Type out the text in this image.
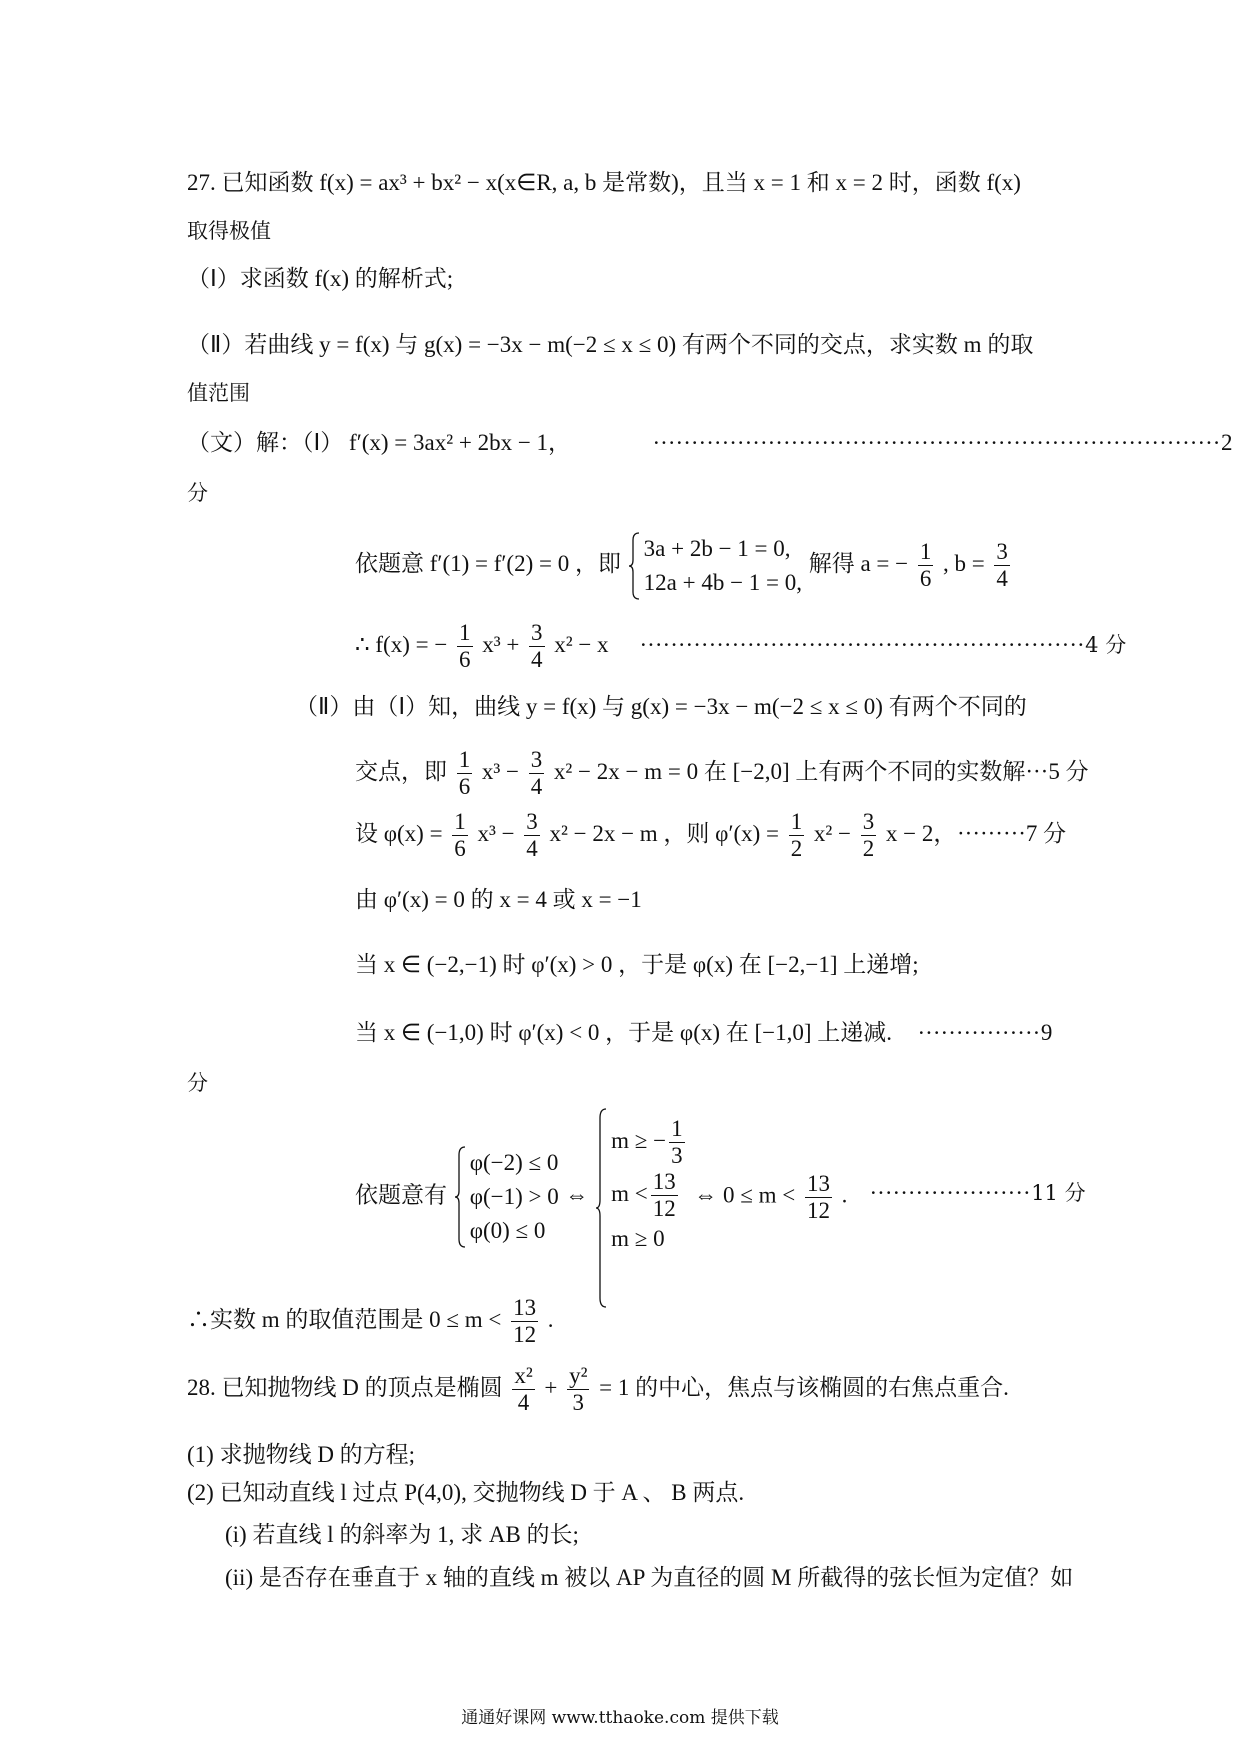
27. 已知函数 f(x) = ax³ + bx² − x(x∈R, a, b 是常数)，且当 x = 1 和 x = 2 时，函数 f(x)
取得极值
（Ⅰ）求函数 f(x) 的解析式;
（Ⅱ）若曲线 y = f(x) 与 g(x) = −3x − m(−2 ≤ x ≤ 0) 有两个不同的交点，求实数 m 的取
值范围
（文）解：（Ⅰ） f′(x) = 3ax² + 2bx − 1，	··········································································2
分
依题意 f′(1) = f′(2) = 0 ，即
3a + 2b − 1 = 0,
12a + 4b − 1 = 0,
解得 a = − $\frac{1}{6}$ , $b = \frac{3}{4}$
∴ f(x) = − $\frac{1}{6} x^3 + \frac{3}{4} x^2 - x \cdot\cdot\cdot\cdot\cdot\cdot\cdot\cdot\cdot\cdot\cdot\cdot\cdot\cdot\cdot\cdot\cdot\cdot\cdot\cdot\cdot\cdot\cdot\cdot\cdot\cdot\cdot\cdot\cdot\cdot\cdot\cdot\cdot\cdot\cdot\cdot\cdot\cdot\cdot\cdot\cdot\cdot\cdot\cdot\cdot\cdot\cdot\cdot\cdot\cdot\cdot\cdot\cdot\cdot\cdot\cdot\cdot\cdot 4$ 分
（Ⅱ）由（Ⅰ）知，曲线 y = f(x) 与 g(x) = −3x − m(−2 ≤ x ≤ 0) 有两个不同的
交点，即 $\frac{1}{6} x^3 - \frac{3}{4} x^2 - 2x - m = 0$ 在 [−2,0] 上有两个不同的实数解···5 分
设 $\varphi(x) = \frac{1}{6} x^3 - \frac{3}{4} x^2 - 2x - m$ ，则 $\varphi'(x) = \frac{1}{2} x^2 - \frac{3}{2}$ x − 2， ·········7 分
由 φ′(x) = 0 的 x = 4 或 x = −1
当 x ∈ (−2,−1) 时 φ′(x) > 0 ，于是 φ(x) 在 [−2,−1] 上递增;
当 x ∈ (−1,0) 时 φ′(x) < 0 ，于是 φ(x) 在 [−1,0] 上递减. ················9
分
依题意有
φ(−2) ≤ 0
φ(−1) > 0
φ(0) ≤ 0
⇔
m ≥ − $\frac{1}{3}$
$m < \frac{13}{12}$
m ≥ 0
⇔ $0 \le m < \frac{13}{12}$ . ·····················11 分
∴实数 m 的取值范围是 $0 \le m < \frac{13}{12}$ .
28. 已知抛物线 D 的顶点是椭圆 $\frac{\text{x²}}{4} + \frac{\text{y²}}{3} = 1$ 的中心，焦点与该椭圆的右焦点重合.
(1) 求抛物线 D 的方程;
(2) 已知动直线 l 过点 P(4,0), 交抛物线 D 于 A 、 B 两点.
(i) 若直线 l 的斜率为 1, 求 AB 的长;
(ii) 是否存在垂直于 x 轴的直线 m 被以 AP 为直径的圆 M 所截得的弦长恒为定值？如
通通好课网 www.tthaoke.com 提供下载
